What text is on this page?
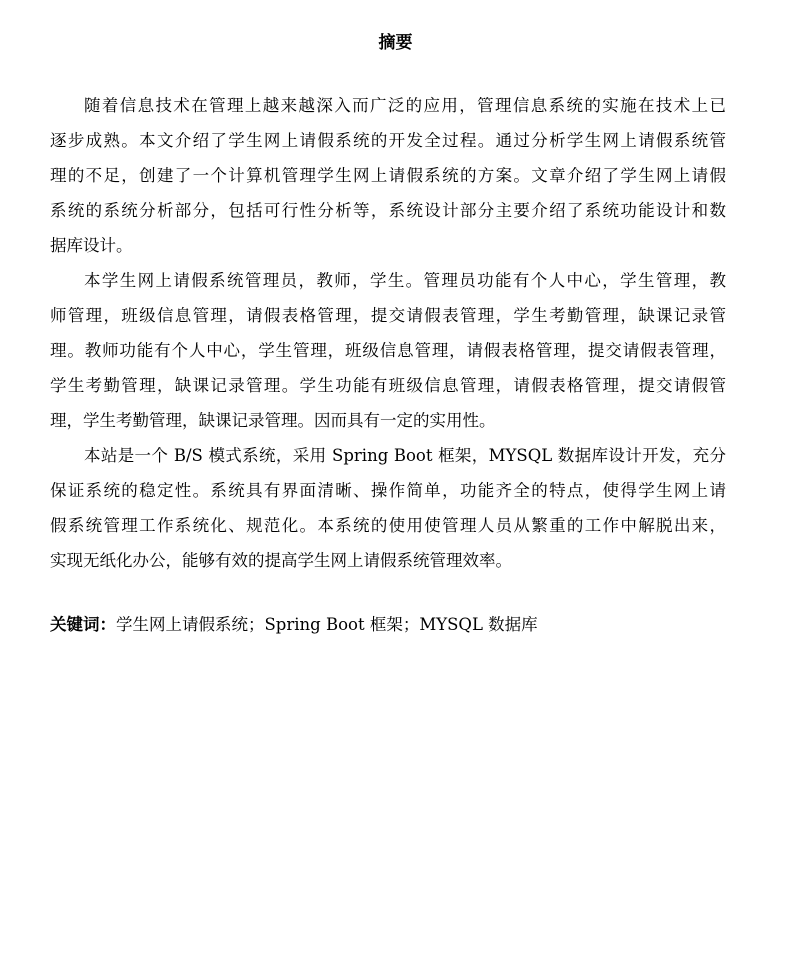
摘要
随着信息技术在管理上越来越深入而广泛的应用，管理信息系统的实施在技术上已
逐步成熟。本文介绍了学生网上请假系统的开发全过程。通过分析学生网上请假系统管
理的不足，创建了一个计算机管理学生网上请假系统的方案。文章介绍了学生网上请假
系统的系统分析部分，包括可行性分析等，系统设计部分主要介绍了系统功能设计和数
据库设计。
本学生网上请假系统管理员，教师，学生。管理员功能有个人中心，学生管理，教
师管理，班级信息管理，请假表格管理，提交请假表管理，学生考勤管理，缺课记录管
理。教师功能有个人中心，学生管理，班级信息管理，请假表格管理，提交请假表管理，
学生考勤管理，缺课记录管理。学生功能有班级信息管理，请假表格管理，提交请假管
理，学生考勤管理，缺课记录管理。因而具有一定的实用性。
本站是一个 B/S 模式系统，采用 Spring Boot 框架，MYSQL 数据库设计开发，充分
保证系统的稳定性。系统具有界面清晰、操作简单，功能齐全的特点，使得学生网上请
假系统管理工作系统化、规范化。本系统的使用使管理人员从繁重的工作中解脱出来，
实现无纸化办公，能够有效的提高学生网上请假系统管理效率。
关键词：学生网上请假系统；Spring Boot 框架；MYSQL 数据库
